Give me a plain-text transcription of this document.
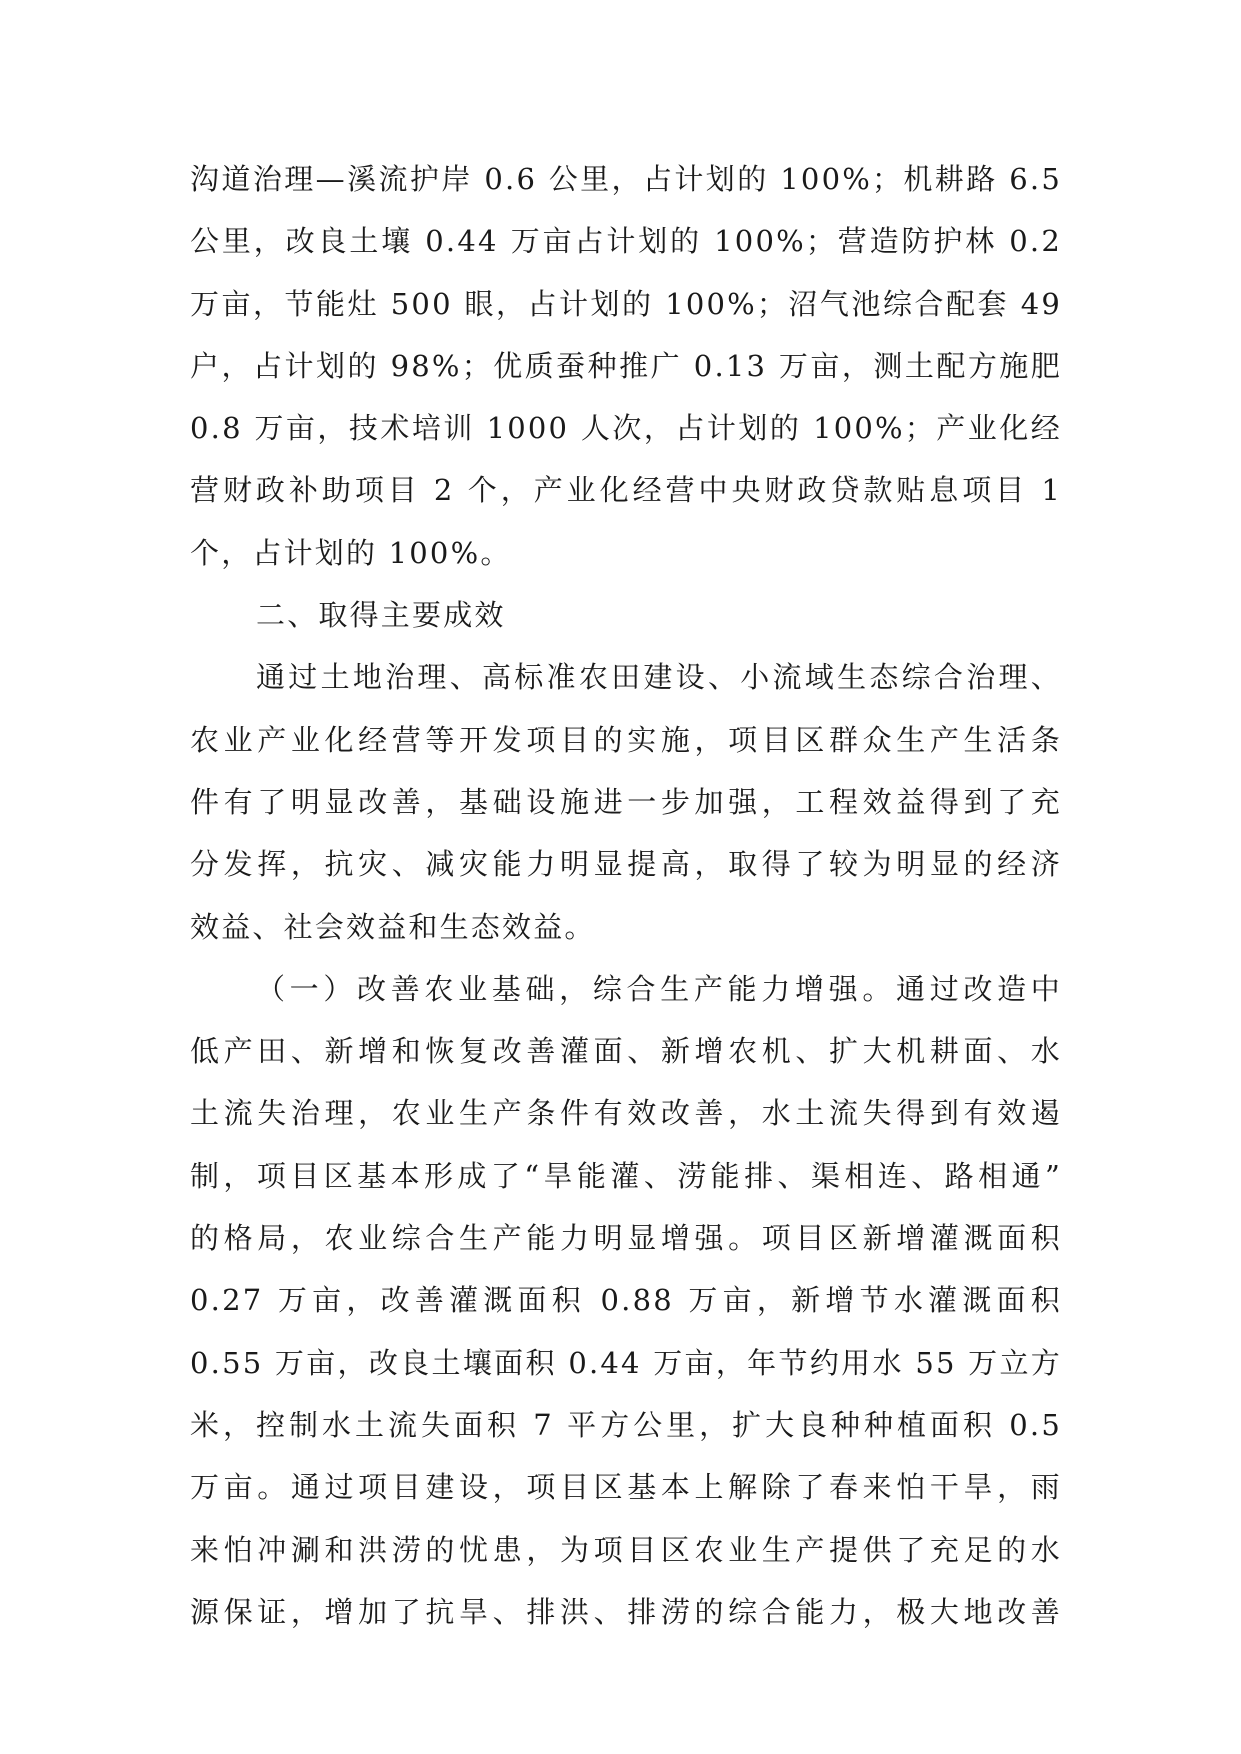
沟道治理—溪流护岸 0.6 公里，占计划的 100%；机耕路 6.5
公里，改良土壤 0.44 万亩占计划的 100%；营造防护林 0.2
万亩，节能灶 500 眼，占计划的 100%；沼气池综合配套 49
户，占计划的 98%；优质蚕种推广 0.13 万亩，测土配方施肥
0.8 万亩，技术培训 1000 人次，占计划的 100%；产业化经
营财政补助项目 2 个，产业化经营中央财政贷款贴息项目 1
个，占计划的 100%。
二、取得主要成效
通过土地治理、高标准农田建设、小流域生态综合治理、
农业产业化经营等开发项目的实施，项目区群众生产生活条
件有了明显改善，基础设施进一步加强，工程效益得到了充
分发挥，抗灾、减灾能力明显提高，取得了较为明显的经济
效益、社会效益和生态效益。
（一）改善农业基础，综合生产能力增强。通过改造中
低产田、新增和恢复改善灌面、新增农机、扩大机耕面、水
土流失治理，农业生产条件有效改善，水土流失得到有效遏
制，项目区基本形成了“旱能灌、涝能排、渠相连、路相通”
的格局，农业综合生产能力明显增强。项目区新增灌溉面积
0.27 万亩，改善灌溉面积 0.88 万亩，新增节水灌溉面积
0.55 万亩，改良土壤面积 0.44 万亩，年节约用水 55 万立方
米，控制水土流失面积 7 平方公里，扩大良种种植面积 0.5
万亩。通过项目建设，项目区基本上解除了春来怕干旱，雨
来怕冲涮和洪涝的忧患，为项目区农业生产提供了充足的水
源保证，增加了抗旱、排洪、排涝的综合能力，极大地改善
